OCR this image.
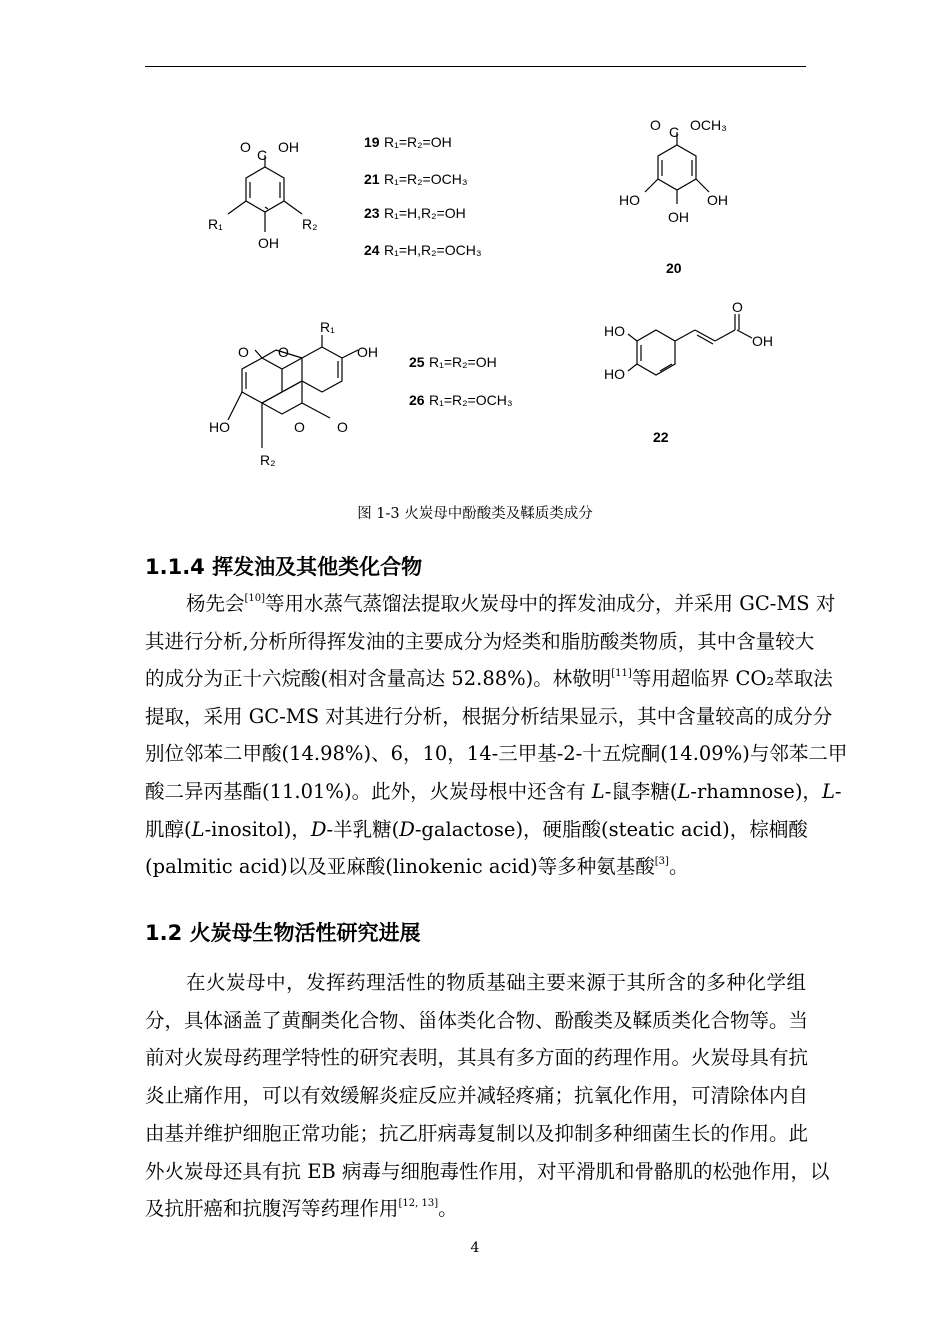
O C OH
R₁	R₂
OH
19 R₁=R₂=OH
21 R₁=R₂=OCH₃
23 R₁=H,R₂=OH
24 R₁=H,R₂=OCH₃
O C OCH₃
HO	OH
OH
20
R₁
O O	OH
HO	O O
R₂
25 R₁=R₂=OH
26 R₁=R₂=OCH₃
HO
HO
O
OH
22
图 1-3 火炭母中酚酸类及鞣质类成分
1.1.4 挥发油及其他类化合物
杨先会[10]等用水蒸气蒸馏法提取火炭母中的挥发油成分，并采用 GC-MS 对
其进行分析,分析所得挥发油的主要成分为烃类和脂肪酸类物质，其中含量较大
的成分为正十六烷酸(相对含量高达 52.88%)。林敬明[11]等用超临界 CO₂萃取法
提取，采用 GC-MS 对其进行分析，根据分析结果显示，其中含量较高的成分分
别位邻苯二甲酸(14.98%)、6，10，14-三甲基-2-十五烷酮(14.09%)与邻苯二甲
酸二异丙基酯(11.01%)。此外，火炭母根中还含有 L-鼠李糖(L-rhamnose)，L-
肌醇(L-inositol)，D-半乳糖(D-galactose)，硬脂酸(steatic acid)，棕榈酸
(palmitic acid)以及亚麻酸(linokenic acid)等多种氨基酸[3]。
1.2 火炭母生物活性研究进展
在火炭母中，发挥药理活性的物质基础主要来源于其所含的多种化学组
分，具体涵盖了黄酮类化合物、甾体类化合物、酚酸类及鞣质类化合物等。当
前对火炭母药理学特性的研究表明，其具有多方面的药理作用。火炭母具有抗
炎止痛作用，可以有效缓解炎症反应并减轻疼痛；抗氧化作用，可清除体内自
由基并维护细胞正常功能；抗乙肝病毒复制以及抑制多种细菌生长的作用。此
外火炭母还具有抗 EB 病毒与细胞毒性作用，对平滑肌和骨骼肌的松弛作用，以
及抗肝癌和抗腹泻等药理作用[12, 13]。
4
